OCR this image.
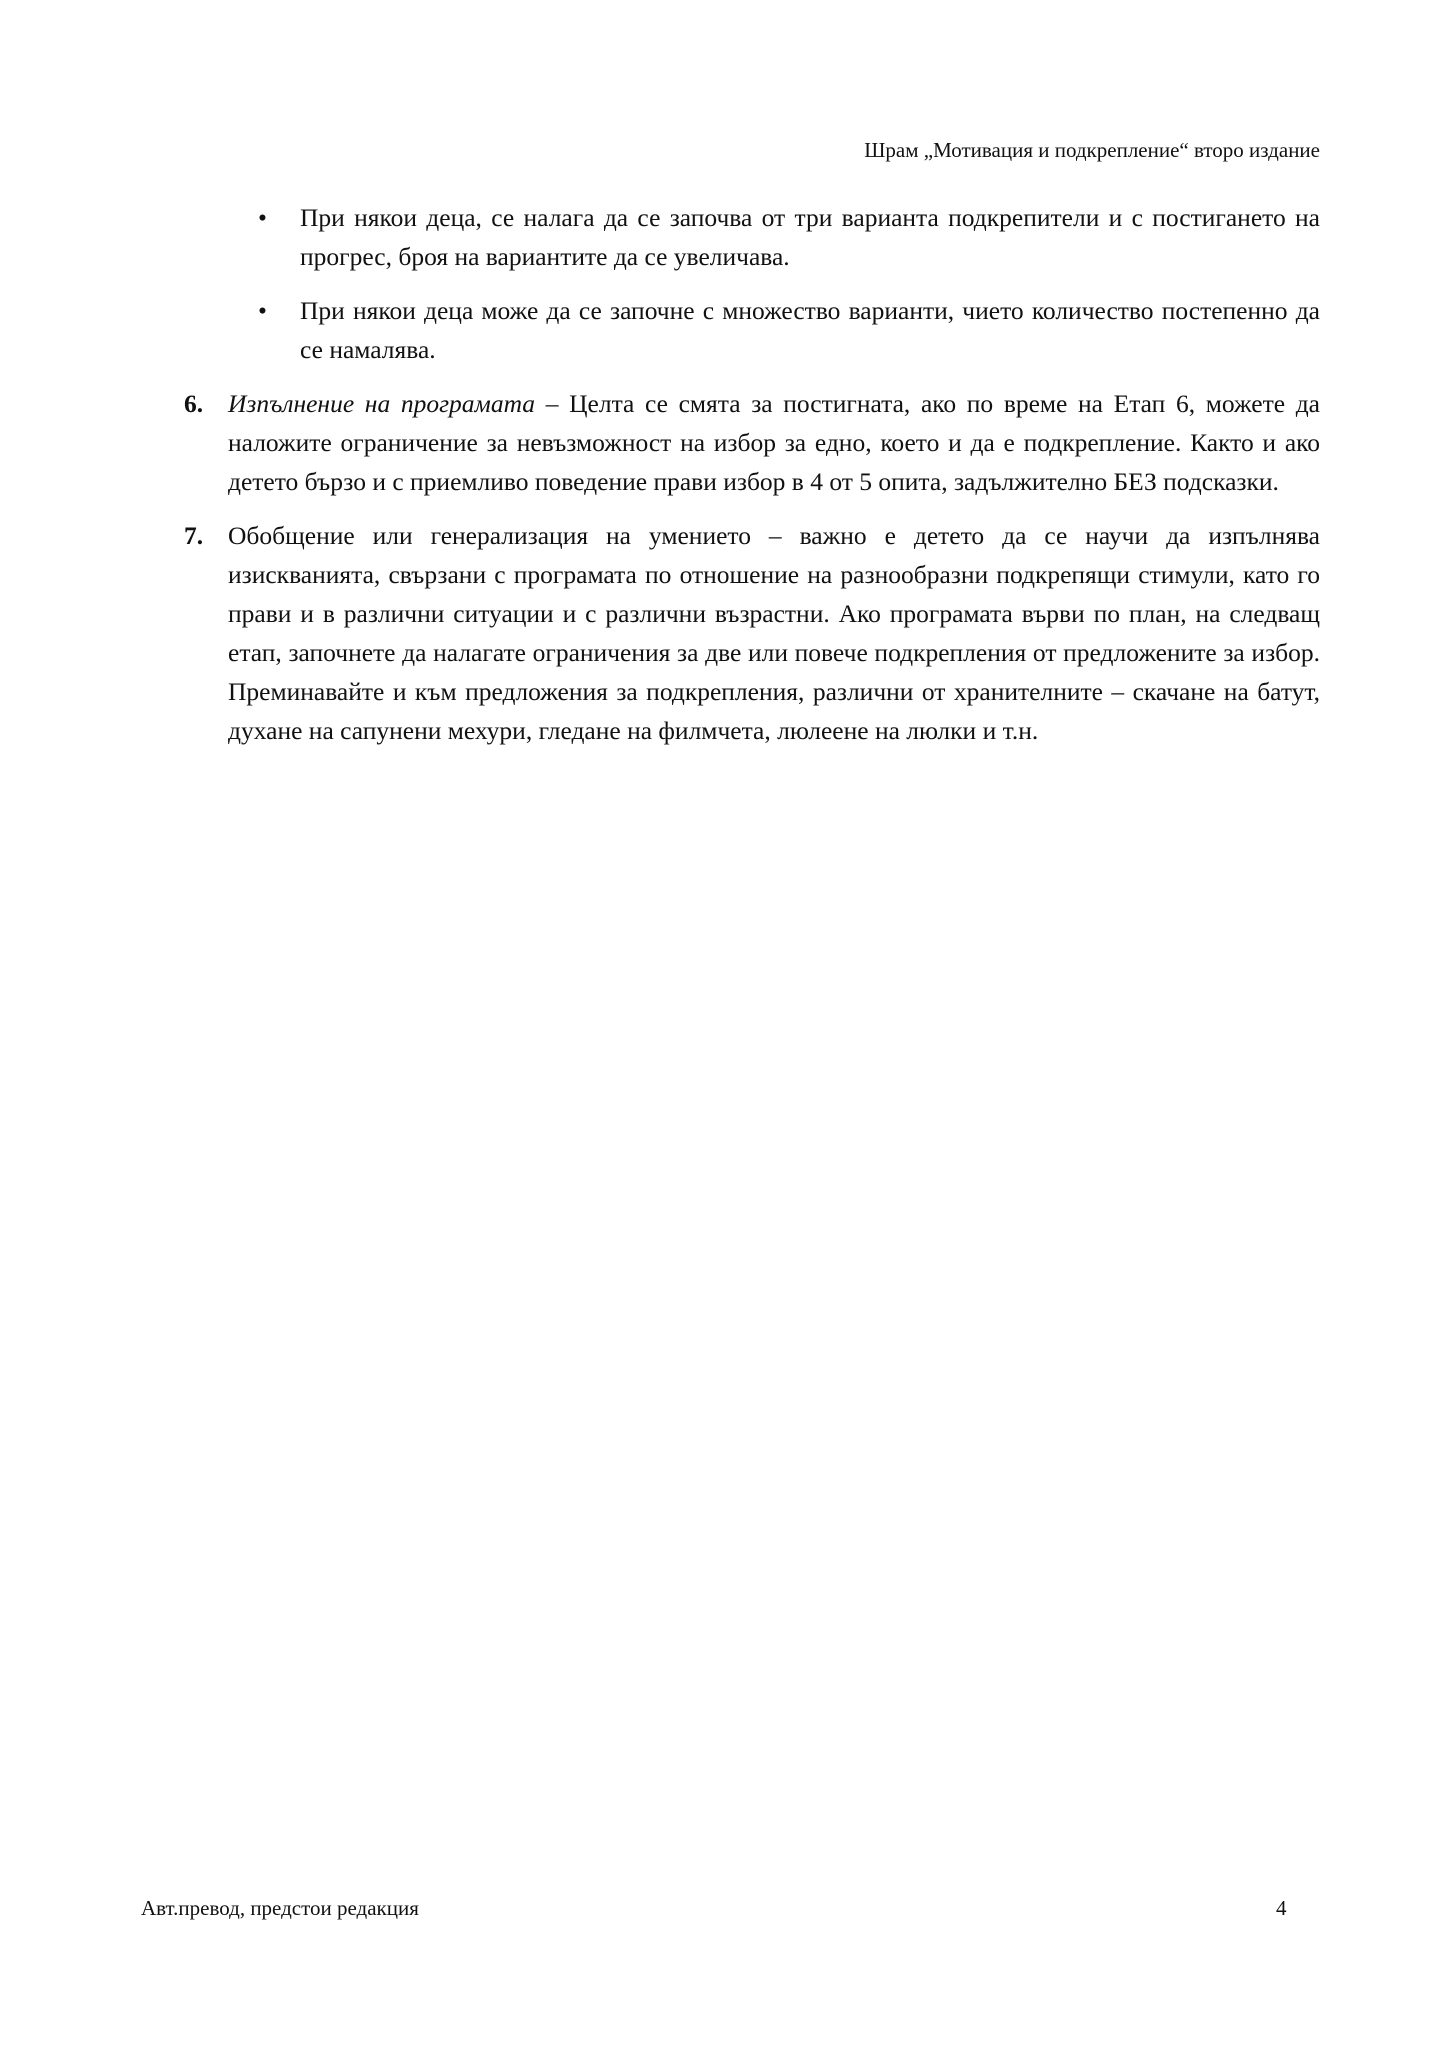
Шрам „Мотивация и подкрепление“ второ издание
• При някои деца, се налага да се започва от три варианта подкрепители и с постигането на прогрес, броя на вариантите да се увеличава.
• При някои деца може да се започне с множество варианти, чието количество постепенно да се намалява.
6. Изпълнение на програмата – Целта се смята за постигната, ако по време на Етап 6, можете да наложите ограничение за невъзможност на избор за едно, което и да е подкрепление. Както и ако детето бързо и с приемливо поведение прави избор в 4 от 5 опита, задължително БЕЗ подсказки.
7. Обобщение или генерализация на умението – важно е детето да се научи да изпълнява изискванията, свързани с програмата по отношение на разнообразни подкрепящи стимули, като го прави и в различни ситуации и с различни възрастни. Ако програмата върви по план, на следващ етап, започнете да налагате ограничения за две или повече подкрепления от предложените за избор. Преминавайте и към предложения за подкрепления, различни от хранителните – скачане на батут, духане на сапунени мехури, гледане на филмчета, люлеене на люлки и т.н.
Авт.превод, предстои редакция	4
